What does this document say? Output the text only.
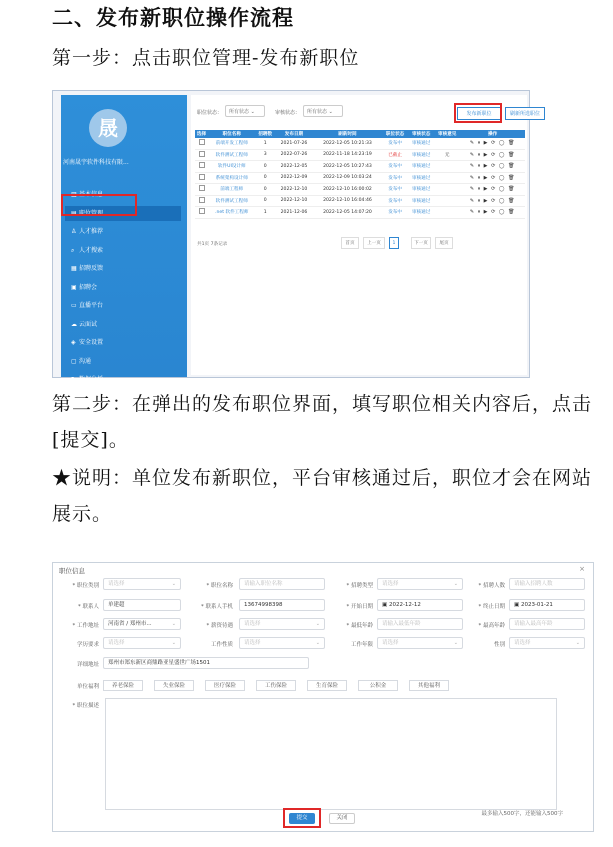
二、发布新职位操作流程
第一步：点击职位管理-发布新职位
晟
河南晟宇软件科技有限...
▥ 基本信息
▤ 职位管理
♙ 人才推荐
⌕ 人才搜索
▦ 招聘反馈
▣ 招聘会
▭ 直播平台
☁ 云面试
◈ 安全设置
▢ 沟通
▮ 数据分析
职位状态：	所有状态 ⌄	审核状态：	所有状态 ⌄	发布新职位	刷新所选职位
选择	职位名称	招聘数	发布日期	刷新时间	职位状态	审核状态	审核意见	操作
	前端开发工程师	1	2021-07-26	2022-12-05 10:21:33	发布中	审核通过		✎ ⏸ ▶ ⟳ ◯ 🗑
	软件测试工程师	3	2022-07-26	2022-11-18 14:23:19	已截止	审核通过	无	✎ ⏸ ▶ ⟳ ◯ 🗑
	软件UI设计师	0	2022-12-05	2022-12-05 10:27:43	发布中	审核通过		✎ ⏸ ▶ ⟳ ◯ 🗑
	系统架构设计师	0	2022-12-09	2022-12-09 10:03:24	发布中	审核通过		✎ ⏸ ▶ ⟳ ◯ 🗑
	前端工程师	0	2022-12-10	2022-12-10 16:00:02	发布中	审核通过		✎ ⏸ ▶ ⟳ ◯ 🗑
	软件测试工程师	0	2022-12-10	2022-12-10 16:04:46	发布中	审核通过		✎ ⏸ ▶ ⟳ ◯ 🗑
	.net 软件工程师	1	2021-12-06	2022-12-05 14:07:20	发布中	审核通过		✎ ⏸ ▶ ⟳ ◯ 🗑
共1页 7条记录	首页	上一页	1	下一页	尾页
第二步：在弹出的发布职位界面，填写职位相关内容后，点击[提交]。
★说明：单位发布新职位，平台审核通过后，职位才会在网站展示。
职位信息	×
* 职位类别	请选择	⌄	* 职位名称	请输入职位名称	* 招聘类型	请选择	⌄	* 招聘人数	请输入招聘人数
* 联系人	单建超	* 联系人手机	13674998398	* 开始日期	▣ 2022-12-12	* 终止日期	▣ 2023-01-21
* 工作地址	河南省 / 郑州市...	⌄	* 薪资待遇	请选择	⌄	* 最低年龄	请输入最低年龄	* 最高年龄	请输入最高年龄
学历要求	请选择	⌄	工作性质	请选择	⌄	工作年限	请选择	⌄	性别	请选择	⌄
详细地址	郑州市郑东新区商鼎路亚星盛世广场1501
单位福利	养老保险	失业保险	医疗保险	工伤保险	生育保险	公积金	其他福利
* 职位描述
最多输入500字，还能输入500字
提交	关闭
